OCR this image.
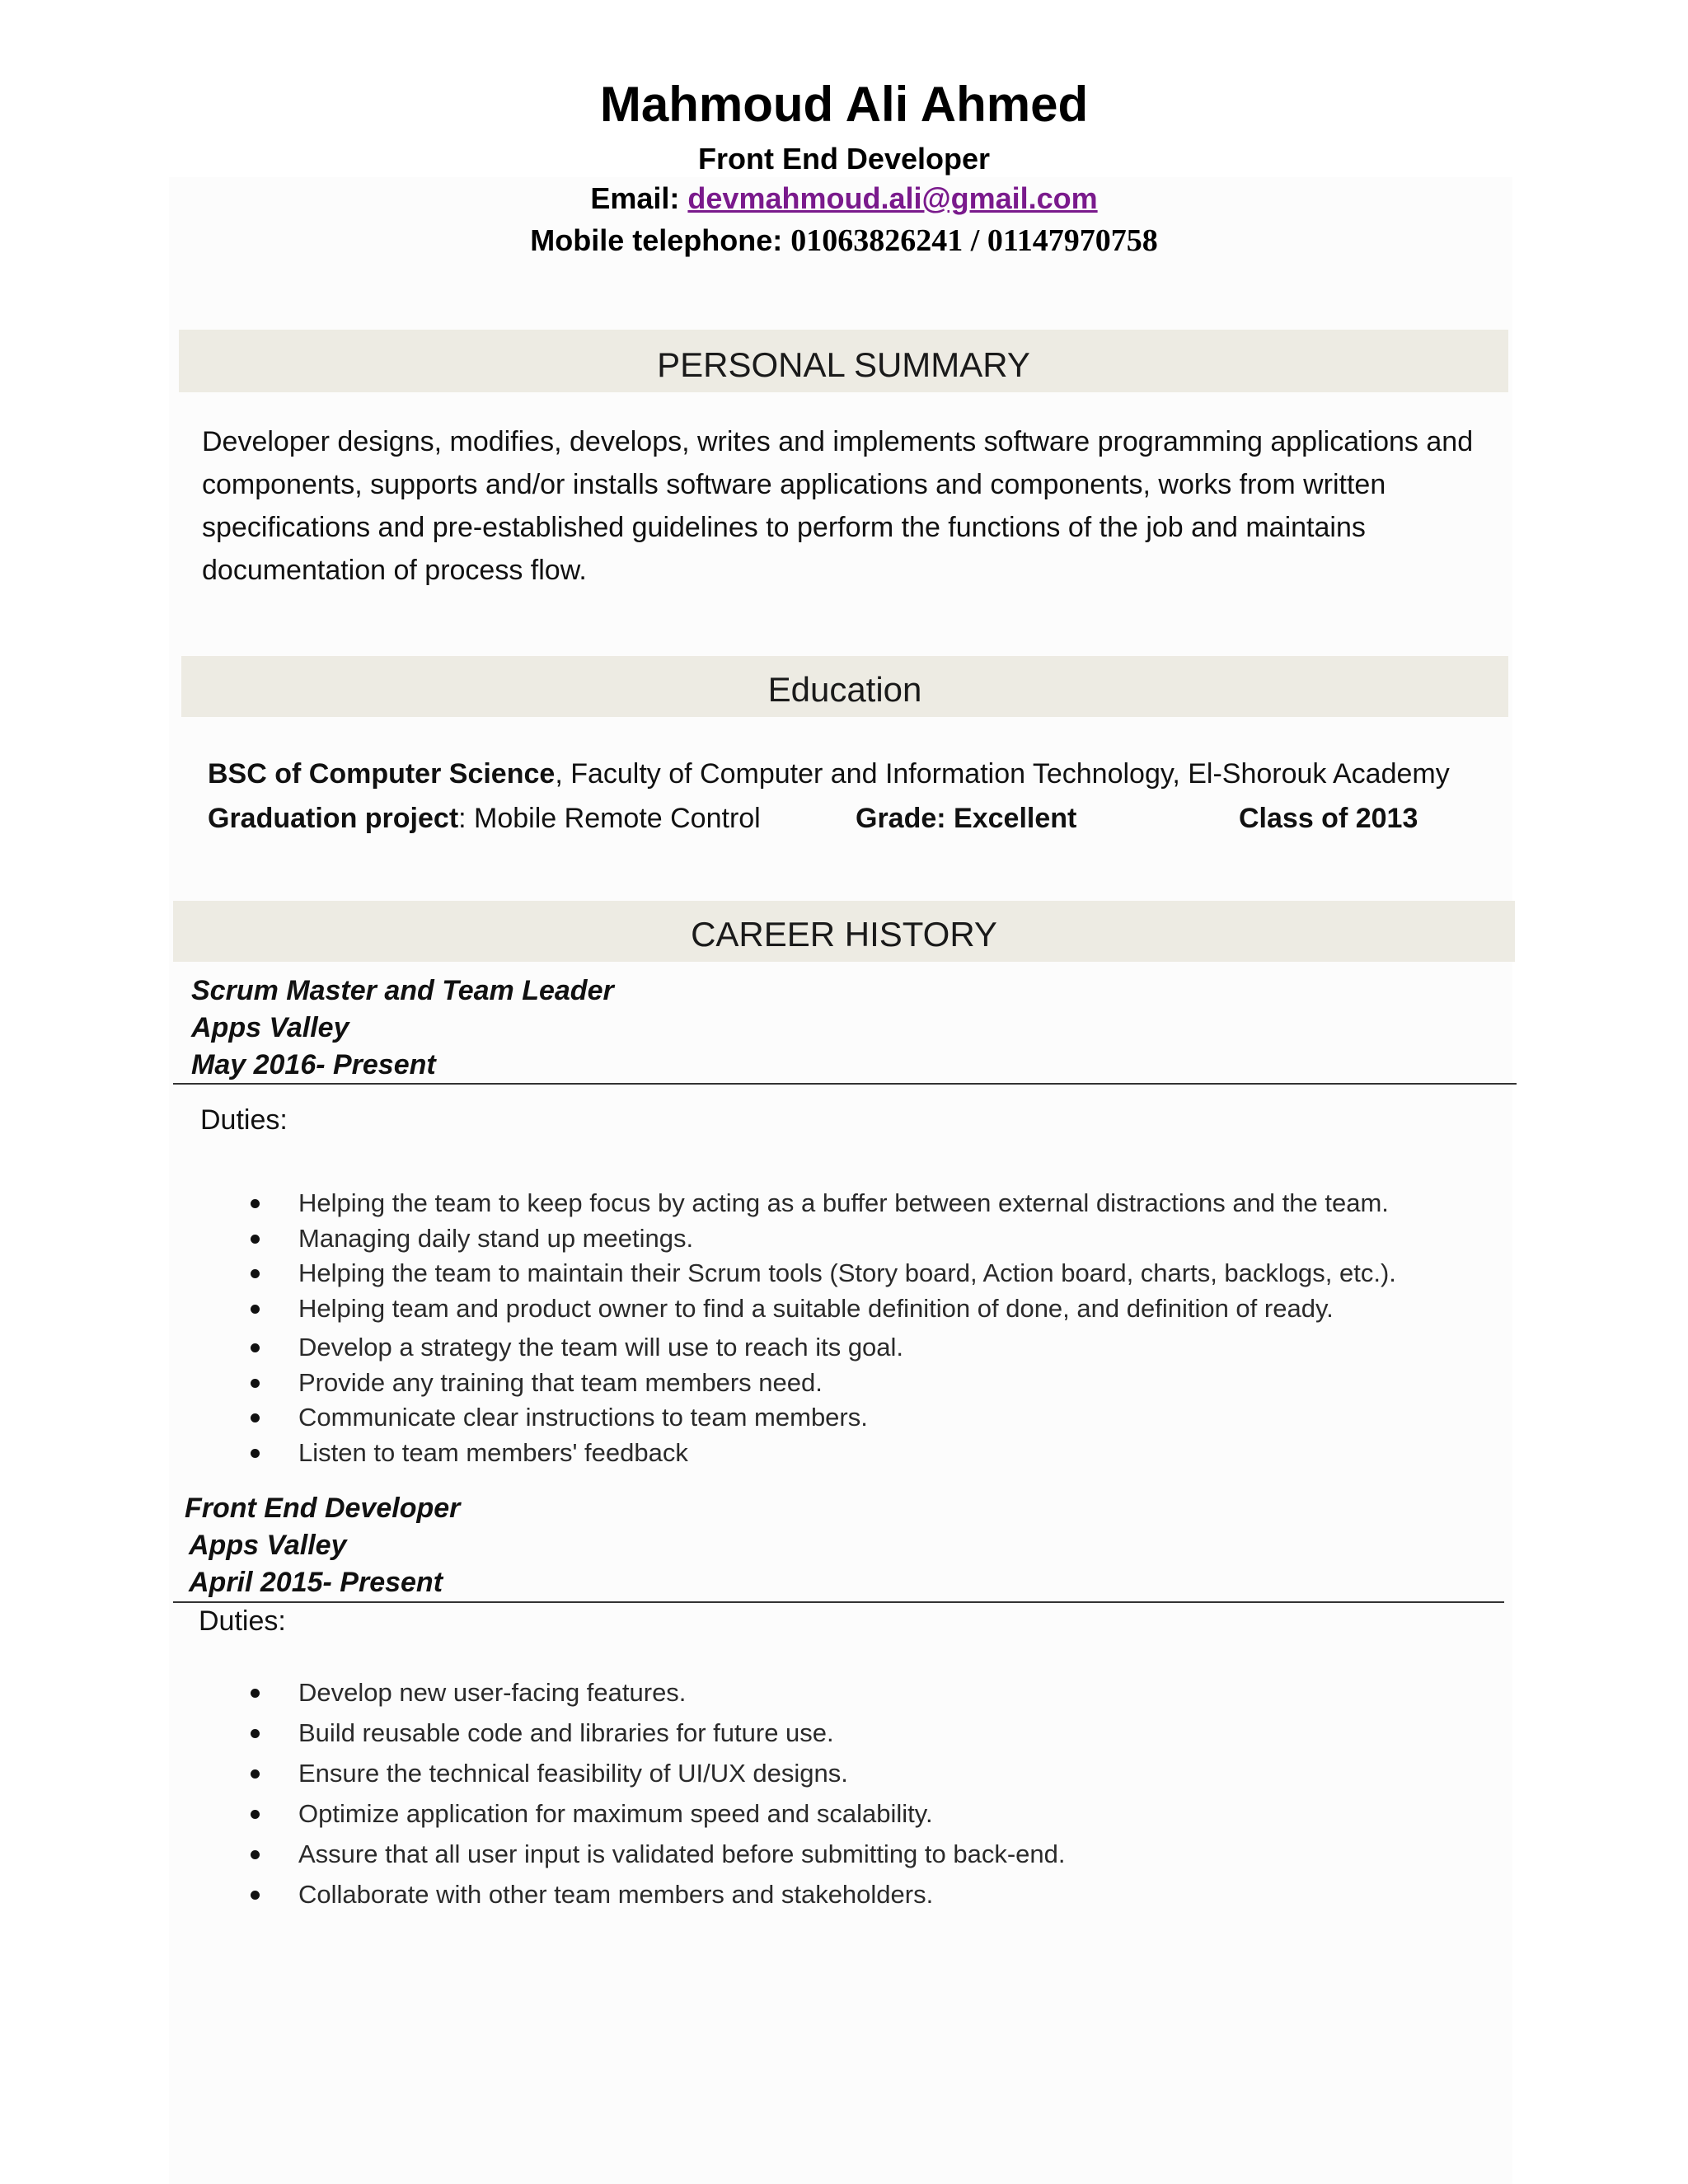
Mahmoud Ali Ahmed
Front End Developer
Email: devmahmoud.ali@gmail.com
Mobile telephone: 01063826241 / 01147970758
PERSONAL SUMMARY
Developer designs, modifies, develops, writes and implements software programming applications and components, supports and/or installs software applications and components, works from written specifications and pre-established guidelines to perform the functions of the job and maintains documentation of process flow.
Education
BSC of Computer Science, Faculty of Computer and Information Technology, El-Shorouk Academy
Graduation project: Mobile Remote Control	Grade: Excellent	Class of 2013
CAREER HISTORY
Scrum Master and Team Leader
Apps Valley
May 2016- Present
Duties:
Helping the team to keep focus by acting as a buffer between external distractions and the team.
Managing daily stand up meetings.
Helping the team to maintain their Scrum tools (Story board, Action board, charts, backlogs, etc.).
Helping team and product owner to find a suitable definition of done, and definition of ready.
Develop a strategy the team will use to reach its goal.
Provide any training that team members need.
Communicate clear instructions to team members.
Listen to team members' feedback
Front End Developer
Apps Valley
April 2015- Present
Duties:
Develop new user-facing features.
Build reusable code and libraries for future use.
Ensure the technical feasibility of UI/UX designs.
Optimize application for maximum speed and scalability.
Assure that all user input is validated before submitting to back-end.
Collaborate with other team members and stakeholders.
